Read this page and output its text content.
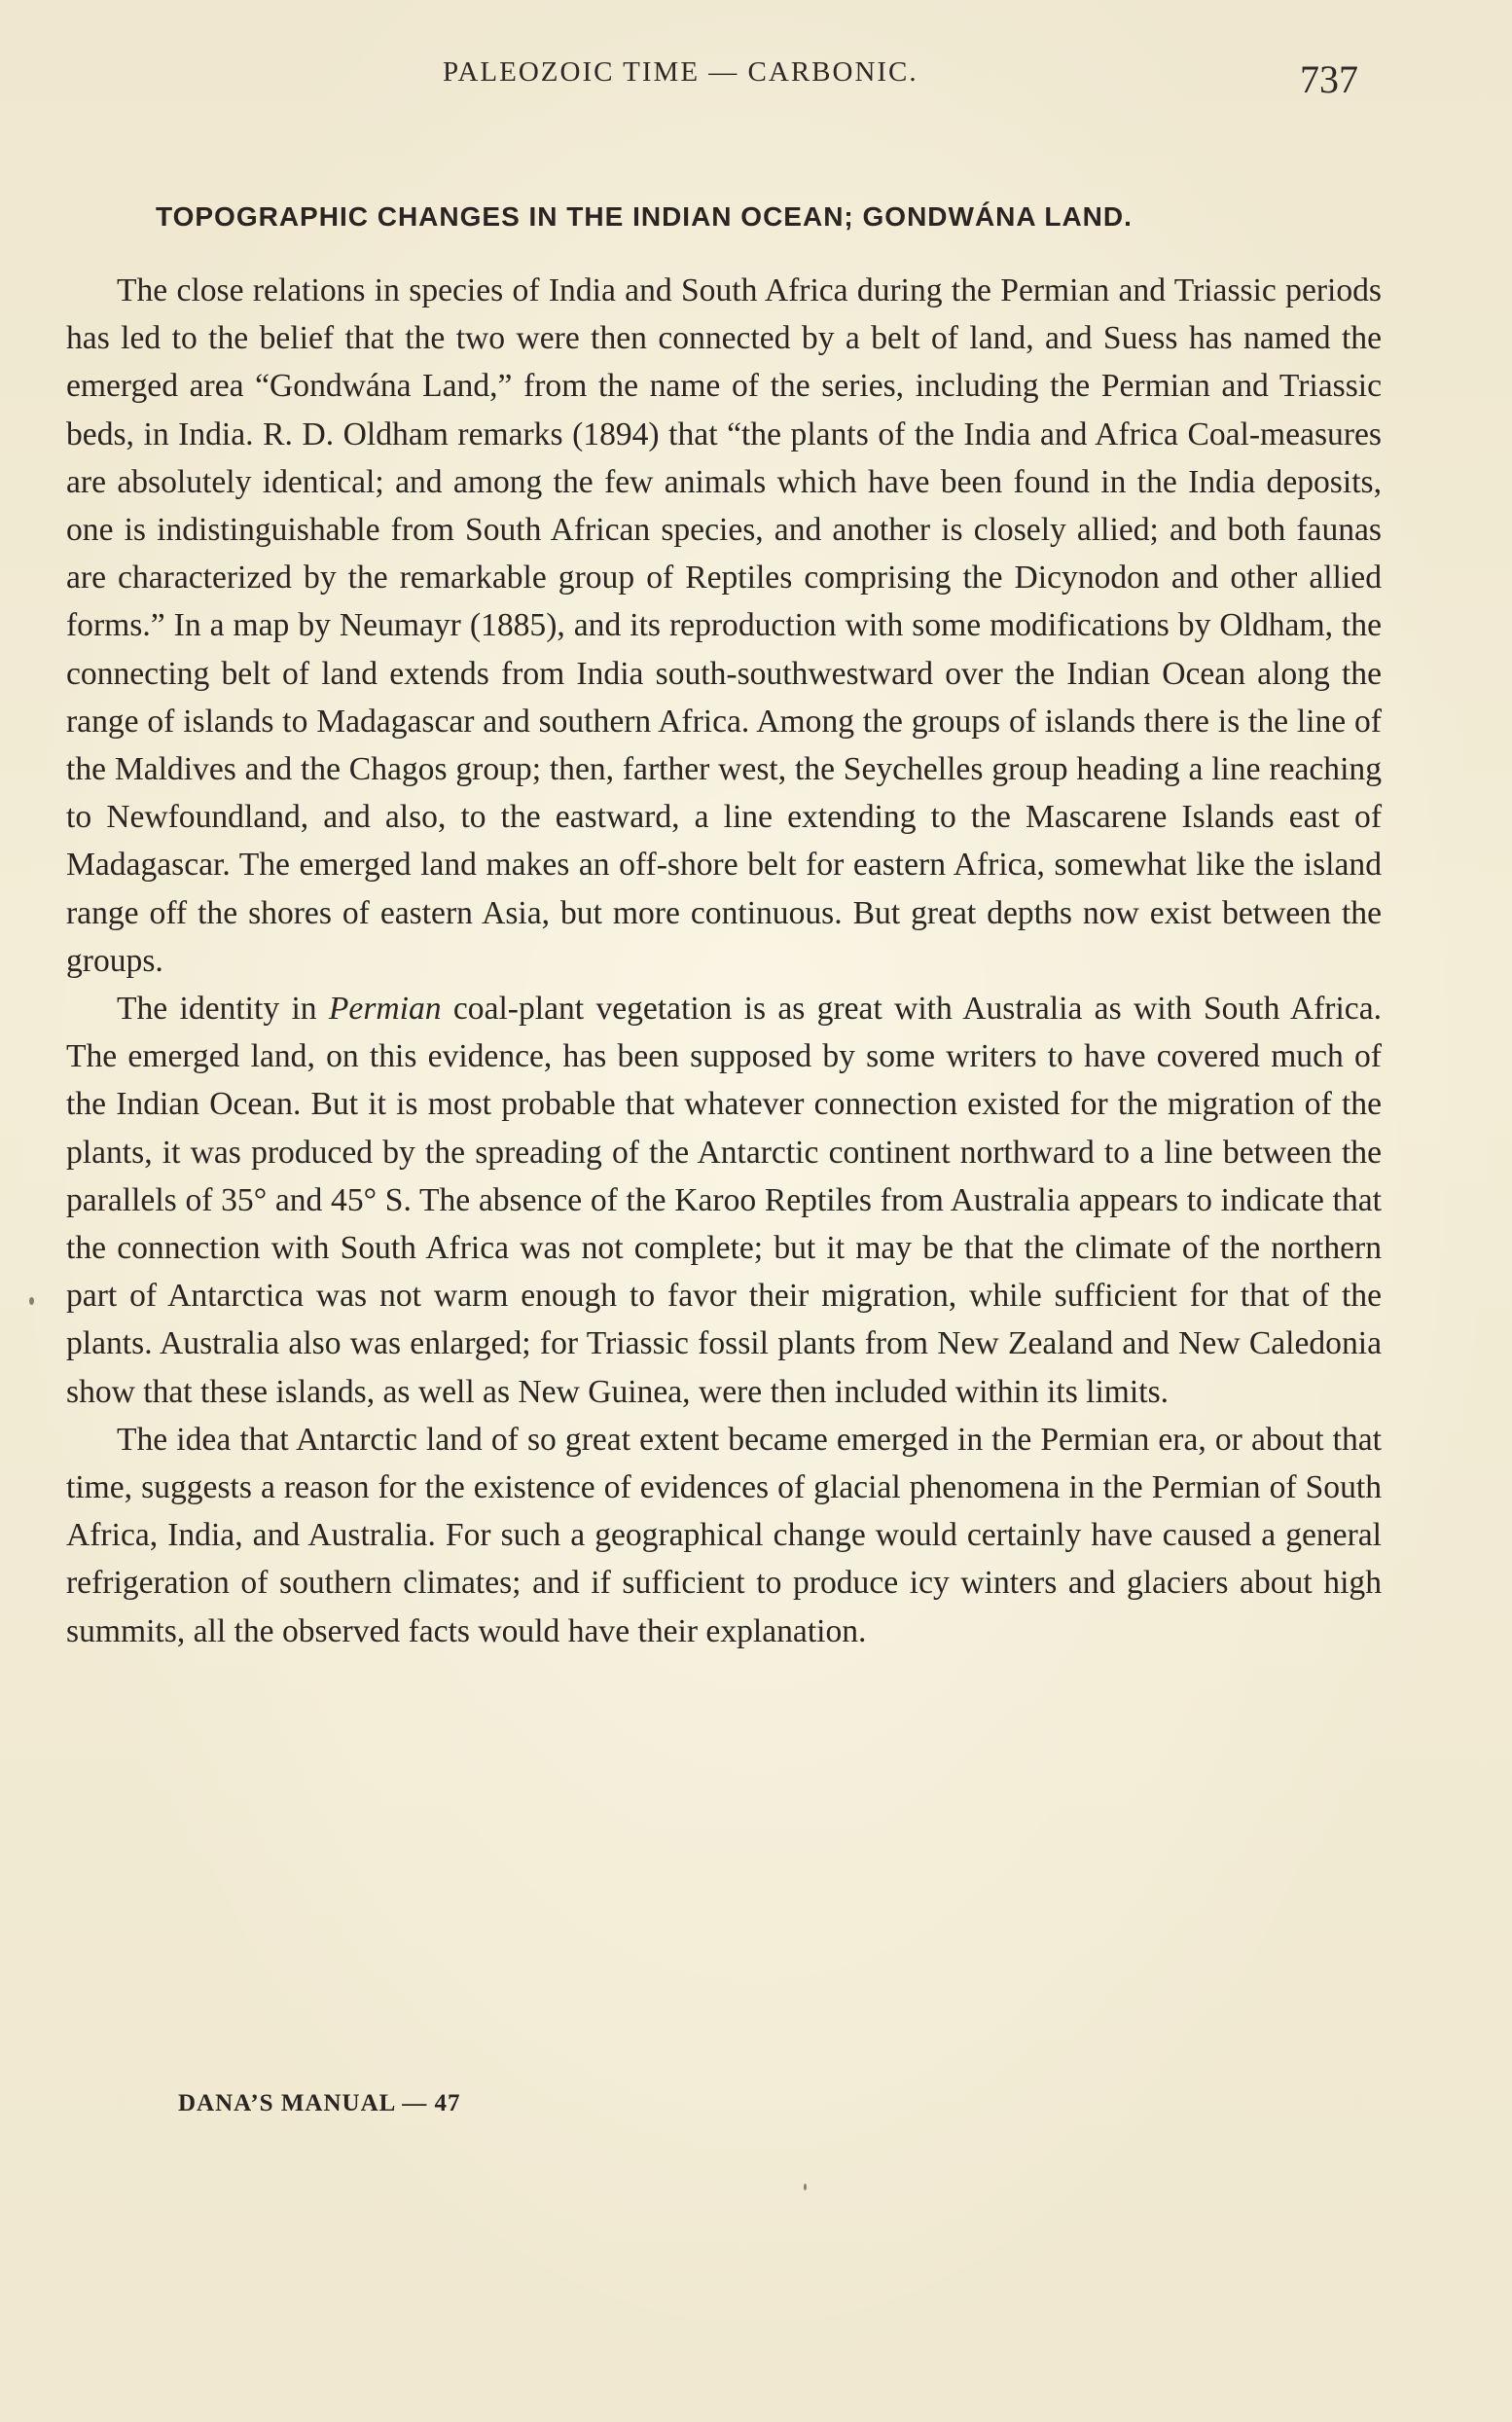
PALEOZOIC TIME — CARBONIC.	737
TOPOGRAPHIC CHANGES IN THE INDIAN OCEAN; GONDWÁNA LAND.

The close relations in species of India and South Africa during the Permian and Triassic periods has led to the belief that the two were then connected by a belt of land, and Suess has named the emerged area “Gondwána Land,” from the name of the series, including the Permian and Triassic beds, in India. R. D. Oldham remarks (1894) that “the plants of the India and Africa Coal-measures are absolutely identical; and among the few animals which have been found in the India deposits, one is indistinguishable from South African species, and another is closely allied; and both faunas are characterized by the remarkable group of Reptiles comprising the Dicynodon and other allied forms.” In a map by Neumayr (1885), and its reproduction with some modifications by Oldham, the connecting belt of land extends from India south-southwestward over the Indian Ocean along the range of islands to Madagascar and southern Africa. Among the groups of islands there is the line of the Maldives and the Chagos group; then, farther west, the Seychelles group heading a line reaching to Newfoundland, and also, to the eastward, a line extending to the Mascarene Islands east of Madagascar. The emerged land makes an off-shore belt for eastern Africa, somewhat like the island range off the shores of eastern Asia, but more continuous. But great depths now exist between the groups.

The identity in Permian coal-plant vegetation is as great with Australia as with South Africa. The emerged land, on this evidence, has been supposed by some writers to have covered much of the Indian Ocean. But it is most probable that whatever connection existed for the migration of the plants, it was produced by the spreading of the Antarctic continent northward to a line between the parallels of 35° and 45° S. The absence of the Karoo Reptiles from Australia appears to indicate that the connection with South Africa was not complete; but it may be that the climate of the northern part of Antarctica was not warm enough to favor their migration, while sufficient for that of the plants. Australia also was enlarged; for Triassic fossil plants from New Zealand and New Caledonia show that these islands, as well as New Guinea, were then included within its limits.

The idea that Antarctic land of so great extent became emerged in the Permian era, or about that time, suggests a reason for the existence of evidences of glacial phenomena in the Permian of South Africa, India, and Australia. For such a geographical change would certainly have caused a general refrigeration of southern climates; and if sufficient to produce icy winters and glaciers about high summits, all the observed facts would have their explanation.

DANA’S MANUAL — 47
